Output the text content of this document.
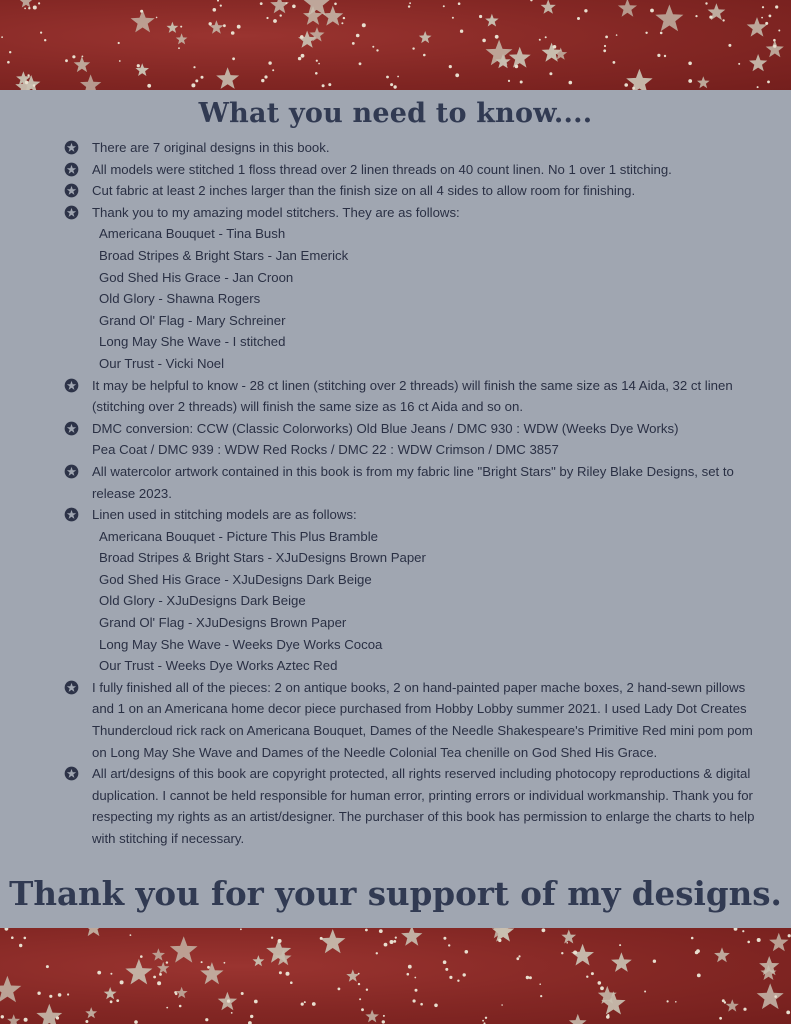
What you need to know....
There are 7 original designs in this book.
All models were stitched 1 floss thread over 2 linen threads on 40 count linen. No 1 over 1 stitching.
Cut fabric at least 2 inches larger than the finish size on all 4 sides to allow room for finishing.
Thank you to my amazing model stitchers. They are as follows:
Americana Bouquet - Tina Bush
Broad Stripes & Bright Stars - Jan Emerick
God Shed His Grace - Jan Croon
Old Glory - Shawna Rogers
Grand Ol' Flag - Mary Schreiner
Long May She Wave - I stitched
Our Trust - Vicki Noel
It may be helpful to know - 28 ct linen (stitching over 2 threads) will finish the same size as 14 Aida, 32 ct linen (stitching over 2 threads) will finish the same size as 16 ct Aida and so on.
DMC conversion: CCW (Classic Colorworks) Old Blue Jeans / DMC 930 : WDW (Weeks Dye Works)
Pea Coat / DMC 939 : WDW Red Rocks / DMC 22 : WDW Crimson / DMC 3857
All watercolor artwork contained in this book is from my fabric line "Bright Stars" by Riley Blake Designs, set to release 2023.
Linen used in stitching models are as follows:
Americana Bouquet - Picture This Plus Bramble
Broad Stripes & Bright Stars - XJuDesigns Brown Paper
God Shed His Grace - XJuDesigns Dark Beige
Old Glory - XJuDesigns Dark Beige
Grand Ol' Flag - XJuDesigns Brown Paper
Long May She Wave - Weeks Dye Works Cocoa
Our Trust - Weeks Dye Works Aztec Red
I fully finished all of the pieces: 2 on antique books, 2 on hand-painted paper mache boxes, 2 hand-sewn pillows and 1 on an Americana home decor piece purchased from Hobby Lobby summer 2021. I used Lady Dot Creates Thundercloud rick rack on Americana Bouquet, Dames of the Needle Shakespeare's Primitive Red mini pom pom on Long May She Wave and Dames of the Needle Colonial Tea chenille on God Shed His Grace.
All art/designs of this book are copyright protected, all rights reserved including photocopy reproductions & digital duplication. I cannot be held responsible for human error, printing errors or individual workmanship. Thank you for respecting my rights as an artist/designer. The purchaser of this book has permission to enlarge the charts to help with stitching if necessary.
Thank you for your support of my designs.
